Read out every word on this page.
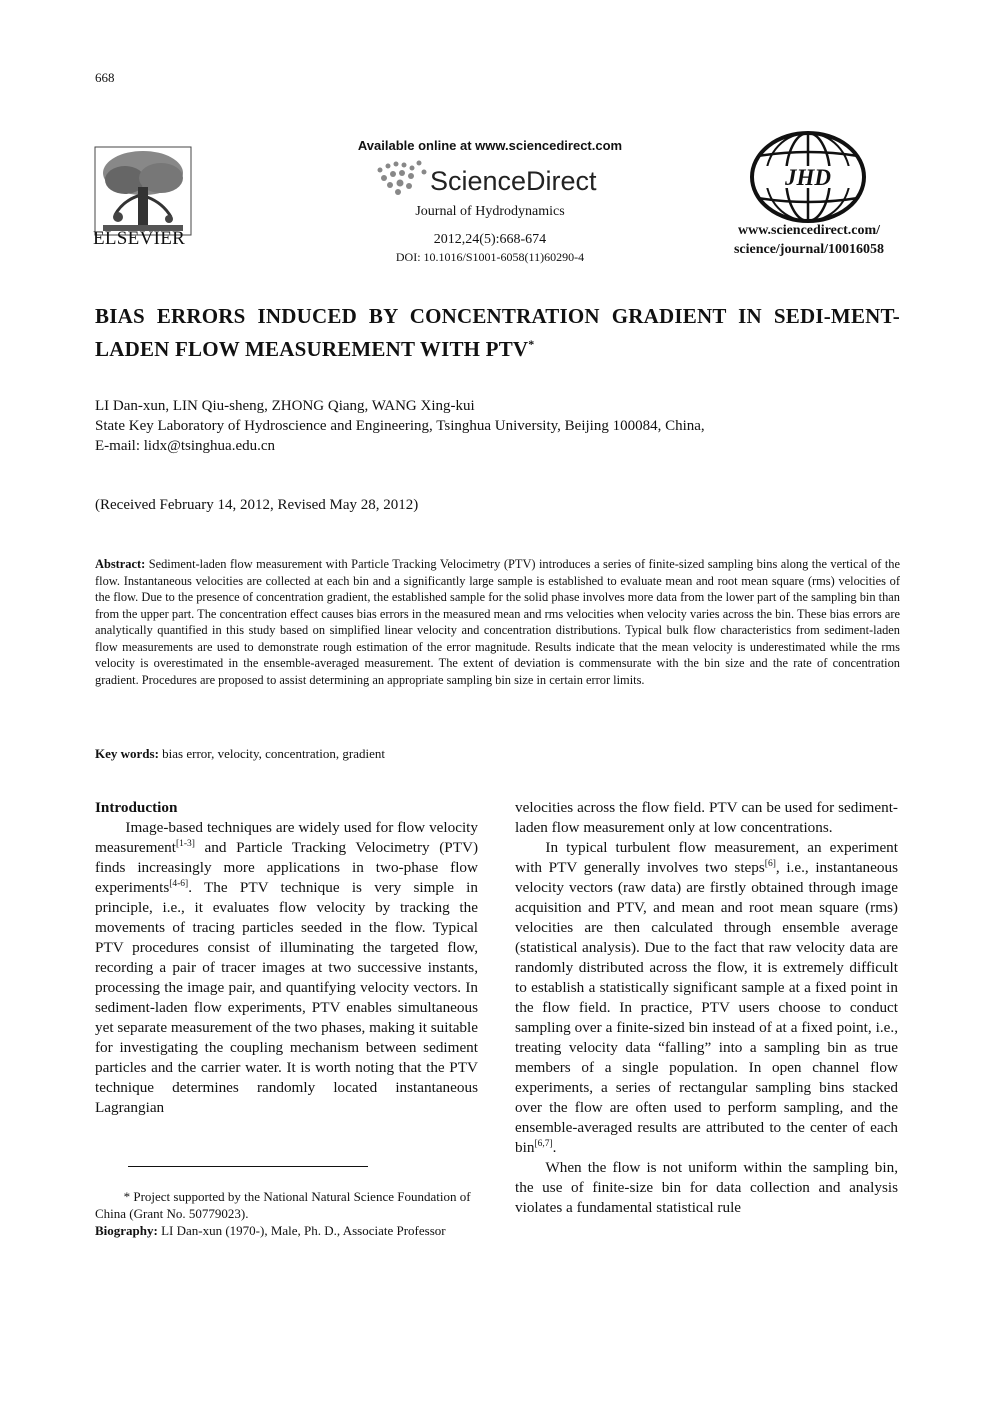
668
ELSEVIER
Available online at www.sciencedirect.com
ScienceDirect
Journal of Hydrodynamics
2012,24(5):668-674
DOI: 10.1016/S1001-6058(11)60290-4
JHD
www.sciencedirect.com/
science/journal/10016058
BIAS ERRORS INDUCED BY CONCENTRATION GRADIENT IN SEDI-MENT-LADEN FLOW MEASUREMENT WITH PTV*
LI Dan-xun, LIN Qiu-sheng, ZHONG Qiang, WANG Xing-kui
State Key Laboratory of Hydroscience and Engineering, Tsinghua University, Beijing 100084, China,
E-mail: lidx@tsinghua.edu.cn
(Received February 14, 2012, Revised May 28, 2012)
Abstract: Sediment-laden flow measurement with Particle Tracking Velocimetry (PTV) introduces a series of finite-sized sampling bins along the vertical of the flow. Instantaneous velocities are collected at each bin and a significantly large sample is established to evaluate mean and root mean square (rms) velocities of the flow. Due to the presence of concentration gradient, the established sample for the solid phase involves more data from the lower part of the sampling bin than from the upper part. The concentration effect causes bias errors in the measured mean and rms velocities when velocity varies across the bin. These bias errors are analytically quantified in this study based on simplified linear velocity and concentration distributions. Typical bulk flow characteristics from sediment-laden flow measurements are used to demonstrate rough estimation of the error magnitude. Results indicate that the mean velocity is underestimated while the rms velocity is overestimated in the ensemble-averaged measurement. The extent of deviation is commensurate with the bin size and the rate of concentration gradient. Procedures are proposed to assist determining an appropriate sampling bin size in certain error limits.
Key words: bias error, velocity, concentration, gradient
Introduction

Image-based techniques are widely used for flow velocity measurement[1-3] and Particle Tracking Velocimetry (PTV) finds increasingly more applications in two-phase flow experiments[4-6]. The PTV technique is very simple in principle, i.e., it evaluates flow velocity by tracking the movements of tracing particles seeded in the flow. Typical PTV procedures consist of illuminating the targeted flow, recording a pair of tracer images at two successive instants, processing the image pair, and quantifying velocity vectors. In sediment-laden flow experiments, PTV enables simultaneous yet separate measurement of the two phases, making it suitable for investigating the coupling mechanism between sediment particles and the carrier water. It is worth noting that the PTV technique determines randomly located instantaneous Lagrangian

velocities across the flow field. PTV can be used for sediment-laden flow measurement only at low concentrations.

In typical turbulent flow measurement, an experiment with PTV generally involves two steps[6], i.e., instantaneous velocity vectors (raw data) are firstly obtained through image acquisition and PTV, and mean and root mean square (rms) velocities are then calculated through ensemble average (statistical analysis). Due to the fact that raw velocity data are randomly distributed across the flow, it is extremely difficult to establish a statistically significant sample at a fixed point in the flow field. In practice, PTV users choose to conduct sampling over a finite-sized bin instead of at a fixed point, i.e., treating velocity data “falling” into a sampling bin as true members of a single population. In open channel flow experiments, a series of rectangular sampling bins stacked over the flow are often used to perform sampling, and the ensemble-averaged results are attributed to the center of each bin[6,7].

When the flow is not uniform within the sampling bin, the use of finite-size bin for data collection and analysis violates a fundamental statistical rule

* Project supported by the National Natural Science Foundation of China (Grant No. 50779023).

Biography: LI Dan-xun (1970-), Male, Ph. D., Associate Professor
